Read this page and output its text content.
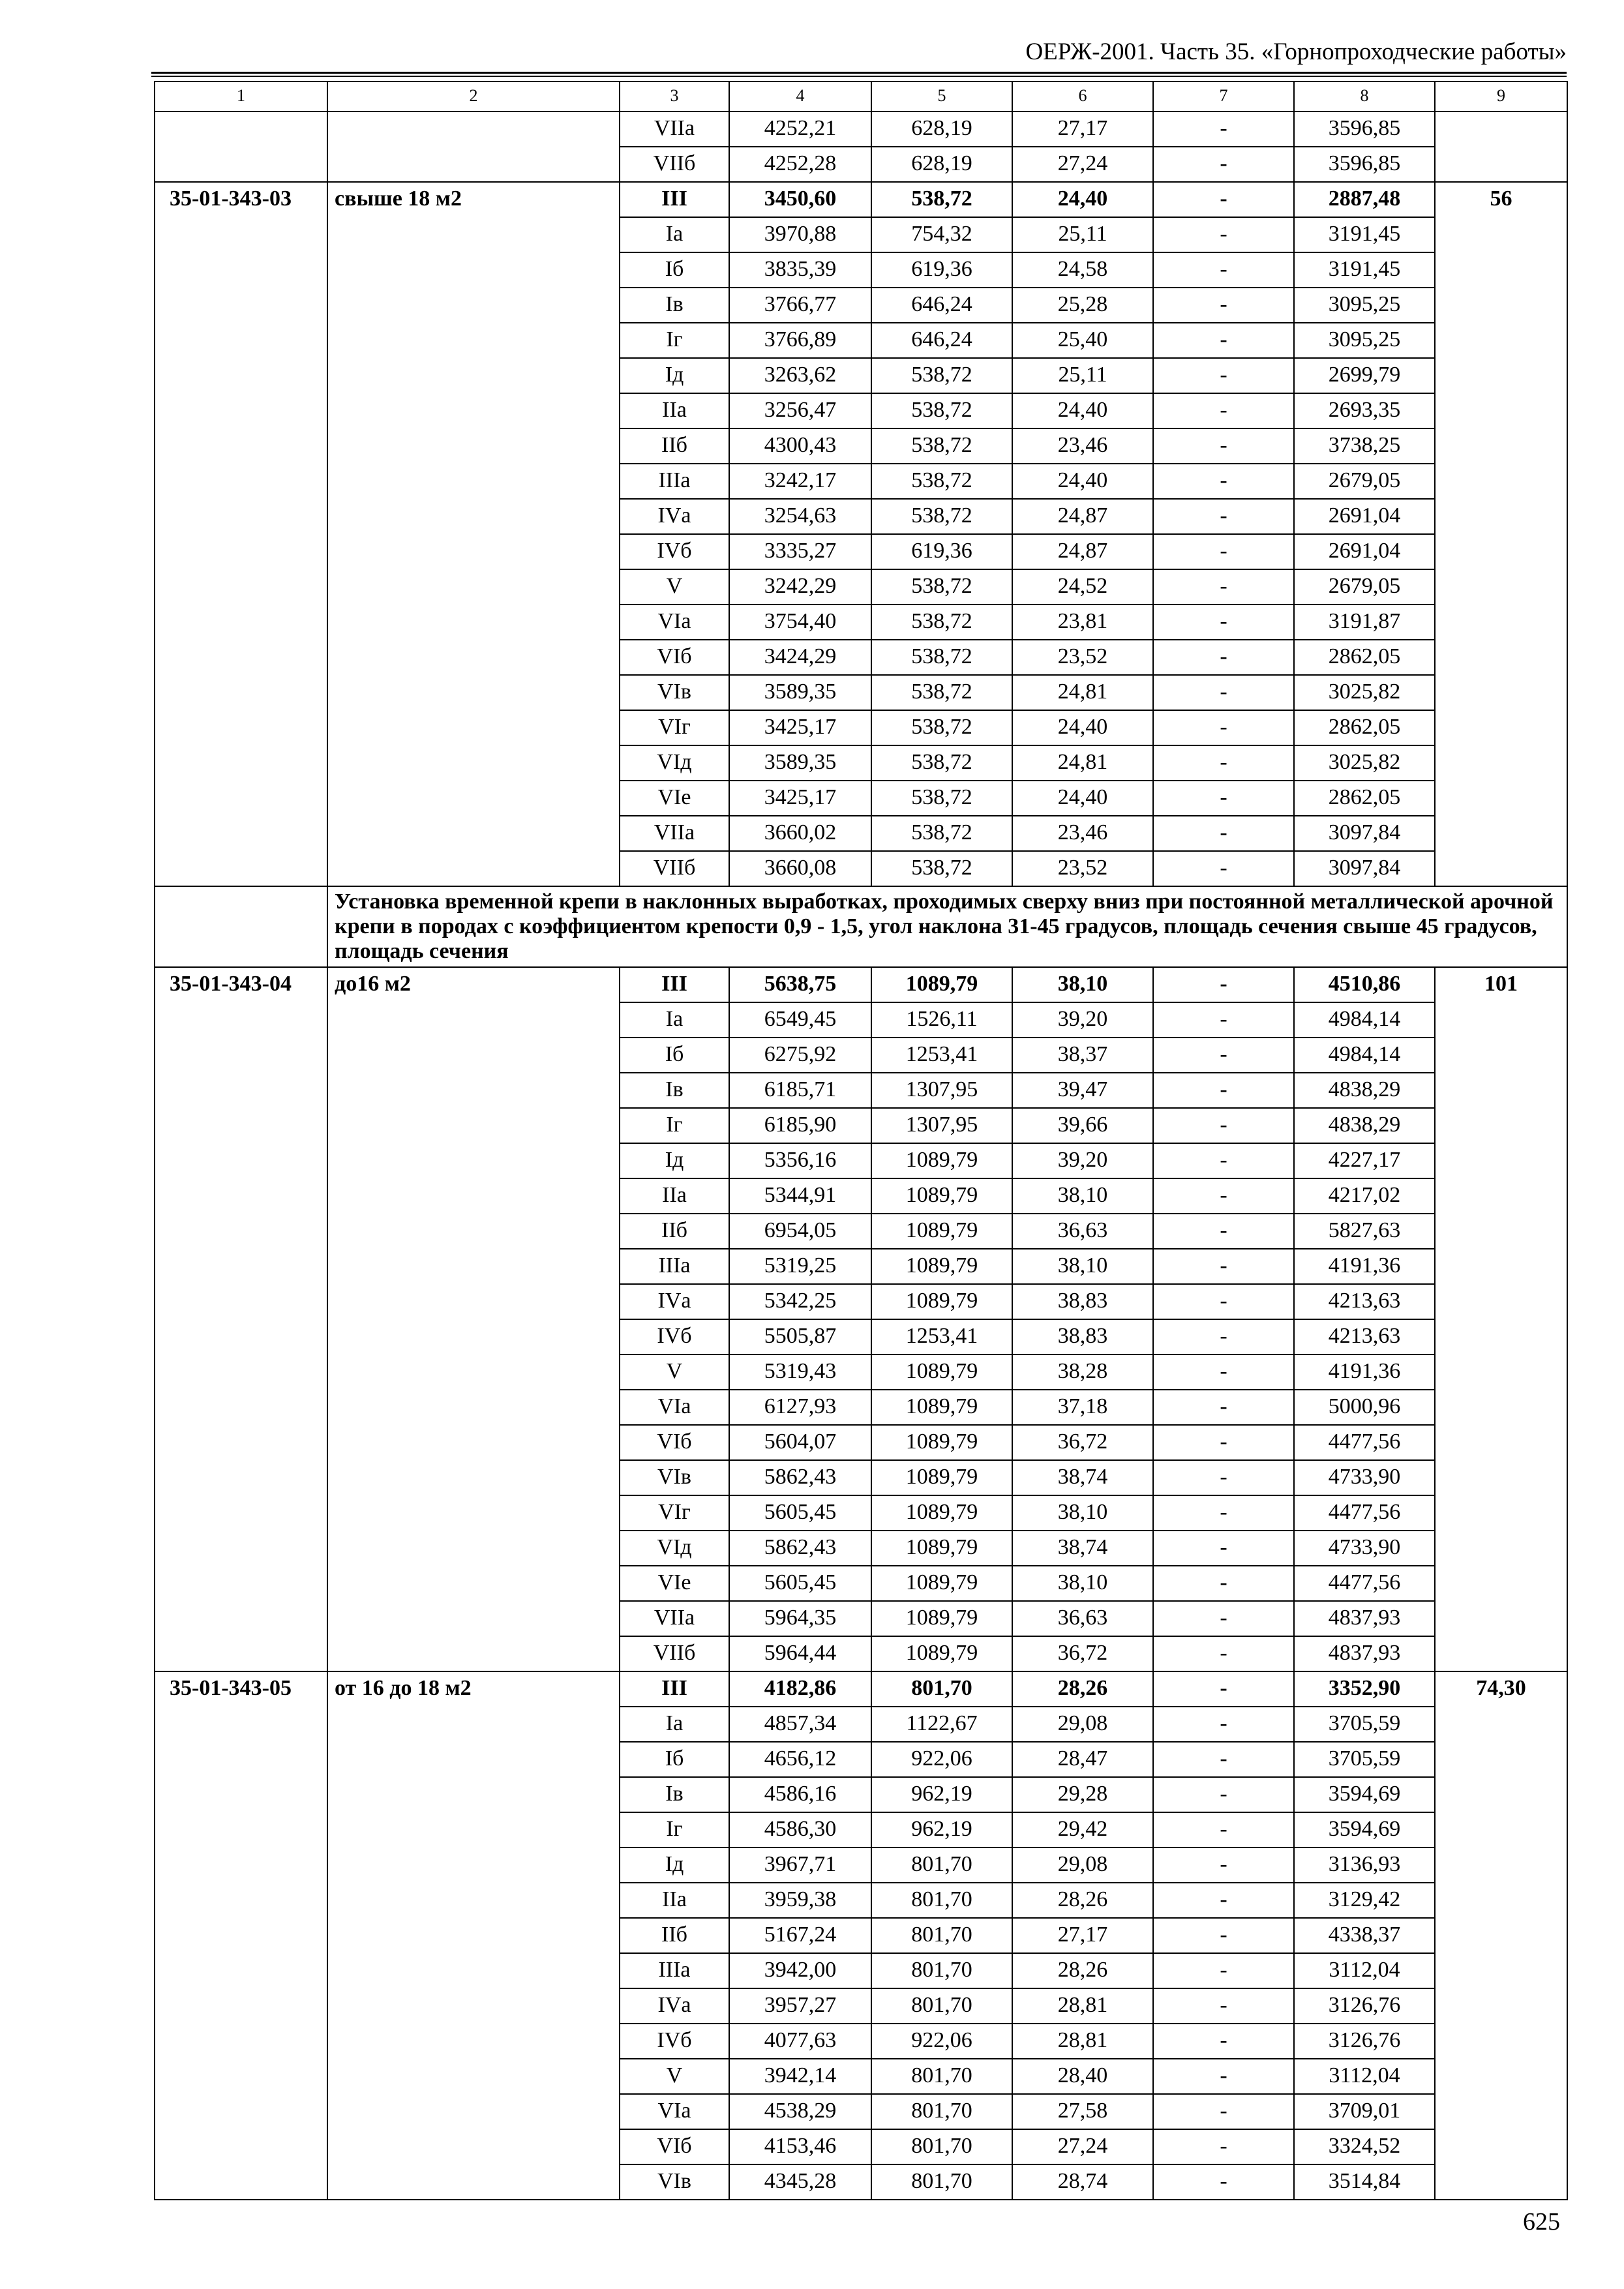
ОЕРЖ-2001. Часть 35. «Горнопроходческие работы»
1	2	3	4	5	6	7	8	9
		VIIа	4252,21	628,19	27,17	-	3596,85	
		VIIб	4252,28	628,19	27,24	-	3596,85	
35-01-343-03	свыше 18 м2	III	3450,60	538,72	24,40	-	2887,48	56
		Iа	3970,88	754,32	25,11	-	3191,45	
		Iб	3835,39	619,36	24,58	-	3191,45	
		Iв	3766,77	646,24	25,28	-	3095,25	
		Iг	3766,89	646,24	25,40	-	3095,25	
		Iд	3263,62	538,72	25,11	-	2699,79	
		IIа	3256,47	538,72	24,40	-	2693,35	
		IIб	4300,43	538,72	23,46	-	3738,25	
		IIIа	3242,17	538,72	24,40	-	2679,05	
		IVа	3254,63	538,72	24,87	-	2691,04	
		IVб	3335,27	619,36	24,87	-	2691,04	
		V	3242,29	538,72	24,52	-	2679,05	
		VIа	3754,40	538,72	23,81	-	3191,87	
		VIб	3424,29	538,72	23,52	-	2862,05	
		VIв	3589,35	538,72	24,81	-	3025,82	
		VIг	3425,17	538,72	24,40	-	2862,05	
		VIд	3589,35	538,72	24,81	-	3025,82	
		VIе	3425,17	538,72	24,40	-	2862,05	
		VIIа	3660,02	538,72	23,46	-	3097,84	
		VIIб	3660,08	538,72	23,52	-	3097,84	
	Установка временной крепи в наклонных выработках, проходимых сверху вниз при постоянной металлической арочной крепи в породах с коэффициентом крепости 0,9 - 1,5, угол наклона 31-45 градусов, площадь сечения свыше 45 градусов, площадь сечения							
35-01-343-04	до16 м2	III	5638,75	1089,79	38,10	-	4510,86	101
		Iа	6549,45	1526,11	39,20	-	4984,14	
		Iб	6275,92	1253,41	38,37	-	4984,14	
		Iв	6185,71	1307,95	39,47	-	4838,29	
		Iг	6185,90	1307,95	39,66	-	4838,29	
		Iд	5356,16	1089,79	39,20	-	4227,17	
		IIа	5344,91	1089,79	38,10	-	4217,02	
		IIб	6954,05	1089,79	36,63	-	5827,63	
		IIIа	5319,25	1089,79	38,10	-	4191,36	
		IVа	5342,25	1089,79	38,83	-	4213,63	
		IVб	5505,87	1253,41	38,83	-	4213,63	
		V	5319,43	1089,79	38,28	-	4191,36	
		VIа	6127,93	1089,79	37,18	-	5000,96	
		VIб	5604,07	1089,79	36,72	-	4477,56	
		VIв	5862,43	1089,79	38,74	-	4733,90	
		VIг	5605,45	1089,79	38,10	-	4477,56	
		VIд	5862,43	1089,79	38,74	-	4733,90	
		VIе	5605,45	1089,79	38,10	-	4477,56	
		VIIа	5964,35	1089,79	36,63	-	4837,93	
		VIIб	5964,44	1089,79	36,72	-	4837,93	
35-01-343-05	от 16 до 18 м2	III	4182,86	801,70	28,26	-	3352,90	74,30
		Iа	4857,34	1122,67	29,08	-	3705,59	
		Iб	4656,12	922,06	28,47	-	3705,59	
		Iв	4586,16	962,19	29,28	-	3594,69	
		Iг	4586,30	962,19	29,42	-	3594,69	
		Iд	3967,71	801,70	29,08	-	3136,93	
		IIа	3959,38	801,70	28,26	-	3129,42	
		IIб	5167,24	801,70	27,17	-	4338,37	
		IIIа	3942,00	801,70	28,26	-	3112,04	
		IVа	3957,27	801,70	28,81	-	3126,76	
		IVб	4077,63	922,06	28,81	-	3126,76	
		V	3942,14	801,70	28,40	-	3112,04	
		VIа	4538,29	801,70	27,58	-	3709,01	
		VIб	4153,46	801,70	27,24	-	3324,52	
		VIв	4345,28	801,70	28,74	-	3514,84	
625
